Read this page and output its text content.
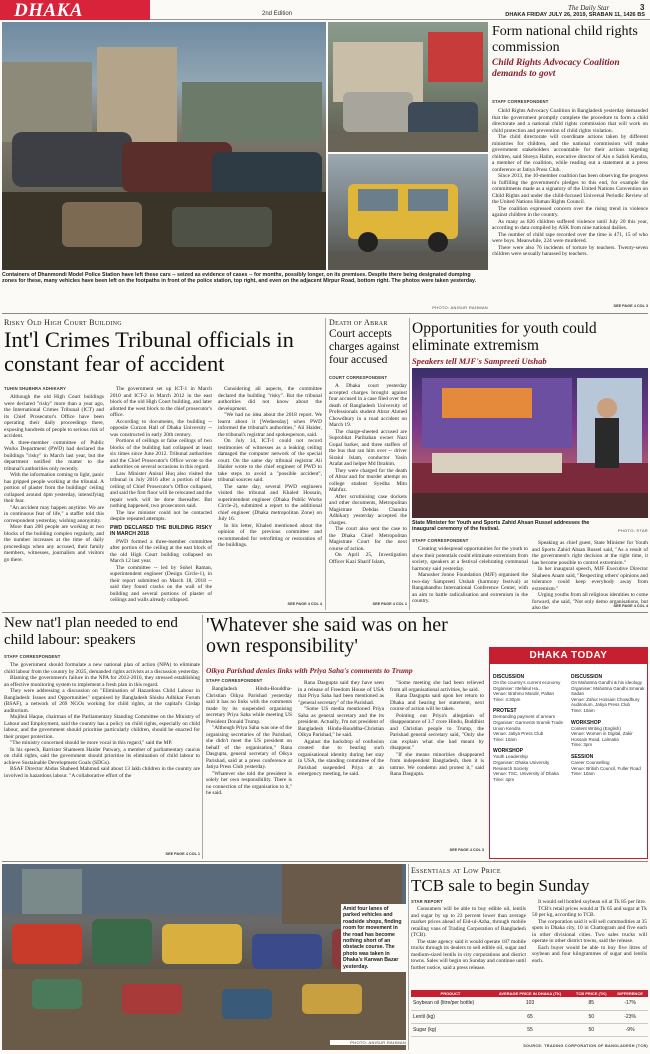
DHAKA	2nd Edition
The Daily Star	3
DHAKA FRIDAY JULY 26, 2019, SRABAN 11, 1426 BS
Containers of Dhanmondi Model Police Station have left these cars -- seized as evidence of cases -- for months, possibly longer, on its premises. Despite there being designated dumping zones for these, many vehicles have been left on the footpaths in front of the police station, top right, and even on the adjacent Mirpur Road, bottom right. The photos were taken yesterday.
PHOTO: ANISUR RAHMAN
Form national child rights commission
Child Rights Advocacy Coalition demands to govt
STAFF CORRESPONDENT

Child Rights Advocacy Coalition in Bangladesh yesterday demanded that the government promptly complete the procedure to form a child directorate and a national child rights commission that will work on child protection and prevention of child rights violation.

The child directorate will coordinate actions taken by different ministries for children, and the national commission will make government stakeholders accountable for their actions targeting children, said Shreya Halim, executive director of Ain o Salish Kendra, a member of the coalition, while reading out a statement at a press conference at Jatiya Press Club.

Since 2013, the 10-member coalition has been observing the progress in fulfilling the government's pledges to this end, for example the commitments made as a signatory of the United Nations Convention on Child Rights and under the child-focused Universal Periodic Review of the United Nations Human Rights Council.

The coalition expressed concern over the rising trend in violence against children in the country.

As many as 826 children suffered violence until July 20 this year, according to data compiled by ASK from nine national dailies.

The number of child rape recorded over the time is 471, 15 of who were boys. Meanwhile, 224 were murdered.

There were also 76 incidents of torture by teachers. Twenty-seven children were sexually harassed by teachers.

SEE PAGE 4 COL 3
Risky Old High Court Building
Int'l Crimes Tribunal officials in constant fear of accident
TUHIN SHUBHRA ADHIKARY

Although the old High Court buildings were declared "risky" more than a year ago, the International Crimes Tribunal (ICT) and its Chief Prosecutor's Office have been operating their daily proceedings there, exposing hundreds of people to serious risk of accident.

A three-member committee of Public Works Department (PWD) had declared the buildings "risky" in March last year, but the department notified the matter to the tribunal's authorities only recently.

With the information coming to light, panic has gripped people working at the tribunal. A portion of plaster from the buildings' ceiling collapsed around 4pm yesterday, intensifying their fear.

"An accident may happen anytime. We are in continuous fear of life," a staffer told this correspondent yesterday, wishing anonymity.

More than 200 people are working at two blocks of the building complex regularly, and the number increases at the time of daily proceedings when any accused, their family members, witnesses, journalists and visitors go there.

The government set up ICT-1 in March 2010 and ICT-2 in March 2012 in the east block of the old High Court building, and later allotted the west block to the chief prosecutor's office.

According to documents, the building -- opposite Curzon Hall of Dhaka University -- was constructed in early 20th century.

Portions of ceilings or false ceilings of two blocks of the building had collapsed at least six times since June 2012. Tribunal authorities and the Chief Prosecutor's Office wrote to the authorities on several occasions in this regard.

Law Minister Anisul Huq also visited the tribunal in July 2016 after a portion of false ceiling of Chief Prosecutor's Office collapsed, and said the first floor will be relocated and the repair work will be done thereafter. But nothing happened, two prosecutors said.

The law minister could not be contacted despite repeated attempts.

PWD DECLARED THE BUILDING RISKY IN MARCH 2018

PWD formed a three-member committee after portion of the ceiling at the east block of the old High Court building collapsed on March 12 last year.

The committee -- led by Sohel Raman, superintendent engineer (Design Circle-1), in their report submitted on March 18, 2018 -- said they found cracks on the wall of the building and several portions of plaster of ceilings and walls already collapsed.

Considering all aspects, the committee declared the building "risky". But the tribunal authorities did not know about the development.

"We had no idea about the 2018 report. We learnt about it [Wednesday] when PWD informed the tribunal's authorities," Ali Haider, the tribunal's registrar and spokesperson, said.

On July 14, ICT-1 could not record testimonies of witnesses as a leaking ceiling damaged the computer network of the special court. On the same day tribunal registrar Ali Haider wrote to the chief engineer of PWD to take steps to avoid a "possible accident", tribunal sources said.

The same day, several PWD engineers visited the tribunal and Khaled Hossain, superintendent engineer (Dhaka Public Works Circle-2), submitted a report to the additional chief engineer (Dhaka metropolitan Zone) on July 16.

In his letter, Khaled mentioned about the opinion of the previous committee and recommended for retrofitting or restoration of the buildings.

SEE PAGE 4 COL 4
Death of Abrar
Court accepts charges against four accused
COURT CORRESPONDENT

A Dhaka court yesterday accepted charges brought against four accused in a case filed over the death of Bangladesh University of Professionals student Abrar Ahmed Chowdhury in a road accident on March 19.

The charge-sheeted accused are Suprobhat Paribahan owner Nazi Gopal barker, and three staffers of the bus that ran him over -- driver Siraiul Islam, conductor Yasin Arafat and helper Md Ibrahim.

They were charged for the death of Abrar and for murder attempt on college student Syedha Mitu Mahfuz.

After scrutinising case dockets and other documents, Metropolitan Magistrate Debdas Chandra Adhikary yesterday accepted the charges.

The court also sent the case to the Dhaka Chief Metropolitan Magistrate Court for the next course of action.

On April 25, Investigation Officer Kazi Sharif Islam,

SEE PAGE 4 COL 1
Opportunities for youth could eliminate extremism
Speakers tell MJF's Sampreeti Utshab
State Minister for Youth and Sports Zahid Ahsan Russel addresses the inaugural ceremony of the festival.	PHOTO: STAR
STAFF CORRESPONDENT

Creating widespread opportunities for the youth to show their potentials could eliminate extremism from society, speakers at a festival celebrating communal harmony said yesterday.

Manusher Jonno Foundation (MJF) organised the two-day Sampreeti Utshab (harmony festival) at Bangabandhu International Conference Center, with an aim to battle radicalisation and extremism in the country.

Speaking as chief guest, State Minister for Youth and Sports Zahid Ahsan Russel said, "As a result of the government's right decision at the right time, it has become possible to control extremism."

In her inaugural speech, MJF Executive Director Shaheen Anam said, "Respecting others' opinions and tolerance could keep everybody away from extremism."

Urging youths from all religious identities to come forward, she said, "Not only demo organisations, but also the	SEE PAGE 4 COL 4
New nat'l plan needed to end child labour: speakers
STAFF CORRESPONDENT

The government should formulate a new national plan of action (NPA) to eliminate child labour from the country by 2025, demanded rights activists at a discussion yesterday.

Blaming the government's failure in the NPA for 2012-2016, they stressed establishing an effective monitoring system to implement a fresh plan in this regard.

They were addressing a discussion on "Elimination of Hazardous Child Labour in Bangladesh: Issues and Opportunities" organised by Bangladesh Shishu Adhikar Forum (BSAF), a network of 269 NGOs working for child rights, at the capital's Cirdap auditorium.

Mujibul Haque, chairman of the Parliamentary Standing Committee on the Ministry of Labour and Employment, said the country has a policy on child rights, especially on child labour, and the government should prioritise particularly children, should be enacted for their proper protection.

"The ministry concerned should be more vocal in this regard," said the MP.

In his speech, Barrister Shameem Haider Patwary, a member of parliamentary caucus on child rights, said the government should prioritise its elimination of child labour to achieve Sustainable Development Goals (SDGs).

BSAF Director Abdus Shaheed Mahmud said about 13 lakh children in the country are involved in hazardous labour. "A collaborative effort of the

SEE PAGE 4 COL 1
'Whatever she said was on her own responsibility'
Oikya Parishad denies links with Priya Saha's comments to Trump
STAFF CORRESPONDENT

Bangladesh Hindu-Bouddha-Christian Oikya Parishad yesterday said it has no links with the comments made by its suspended organising secretary Priya Saha while meeting US President Donald Trump.

"Although Priya Saha was one of the organising secretaries of the Parishad, she didn't meet the US president on behalf of the organisation," Rana Dasgupta, general secretary of Oikya Parishad, said at a press conference at Jatiya Press Club yesterday.

"Whatever she told the president is solely her own responsibility. There is no connection of the organisation to it," he said.

Rana Dasgupta said they have seen in a release of Freedom House of USA that Priya Saha had been mentioned as "general secretary" of the Parishad.

"Some US media mentioned Priya Saha as general secretary and the its president. Actually, I'm not president of Bangladesh Hindu-Bouddha-Christian Oikya Parishad," he said.

Against the backdrop of confusion created due to bearing such organisational identity during her stay in USA, the standing committee of the Parishad suspended Priya at an emergency meeting, he said.

"Some meeting she had been relieved from all organisational activities, he said.

Rana Dasgupta said upon her return to Dhaka and hearing her statement, next course of action will be taken.

Pointing out Priya's allegation of disappearance of 3.7 crore Hindu, Buddhist and Christian people to Trump, the Parishad general secretary said, "Only she can explain what she had meant by disappear."

"If she means minorities disappeared from independent Bangladesh, then it is untrue. We condemn and protest it," said Rana Dasgupta.

SEE PAGE 4 COL 3
DHAKA TODAY
DISCUSSION
On the country's current economy
Organiser: Ittefakul Ha...
Venue: Brahmo Mandir, Paltan
Time: 4:30pm
PROTEST
Demanding payment of arrears
Organiser: Garments Sramik Trade Union Kendra
Venue: Jatiya Press Club
Time: 10am
WORKSHOP
Youth Leadership
Organiser: Dhaka University Research Society
Venue: TSC, University of Dhaka
Time: 4pm
DISCUSSION
On Mahatma Gandhi & his ideology
Organiser: Mahatma Gandhi Smarak Sadan
Venue: Zahur Hossain Chowdhury Auditorium, Jatiya Press Club
Time: 10am
WORKSHOP
Content Writing (English)
Venue: Women in Digital, Zakir Hossain Road, Lalmatia
Time: 3pm
SESSION
Career Counselling
Venue: British Council, Fuller Road
Time: 10am
Amid four lanes of parked vehicles and roadside shops, finding room for movement in the road has become nothing short of an obstacle course. The photo was taken in Dhaka's Karwan Bazar yesterday.
PHOTO: ANISUR RAHMAN
Essentials at Low Price
TCB sale to begin Sunday
STAR REPORT

Consumers will be able to buy edible oil, lentils and sugar by up to 23 percent lower than average market prices ahead of Eid-ul-Azha, through mobile retailing vans of Trading Corporation of Bangladesh (TCB).

The state agency said it would operate 187 mobile trucks through its dealers to sell edible oil, sugar and medium-sized lentils in city corporations and district towns. Sales will begin on Sunday and continue until further notice, said a press release.

It would sell bottled soybean oil at Tk 85 per litre.

TCB's retail prices would at Tk 65 and sugar at Tk 50 per kg, according to TCB.

The corporation said it will sell commodities at 35 spots in Dhaka city, 10 in Chattogram and five each in other divisional cities. Two sales trucks will operate in other district towns, said the release.

Each buyer would be able to buy five litres of soybean and four kilogrammes of sugar and lentils each.

PRODUCT	AVERAGE PRICE IN DHAKA (TK)	TCB PRICE (TK)	DIFFERENCE
Soybean oil (litre/per bottle)	103	85	-17%
Lentil (kg)	65	50	-23%
Sugar (kg)	55	50	-9%
SOURCE: TRADING CORPORATION OF BANGLADESH (TCB)
